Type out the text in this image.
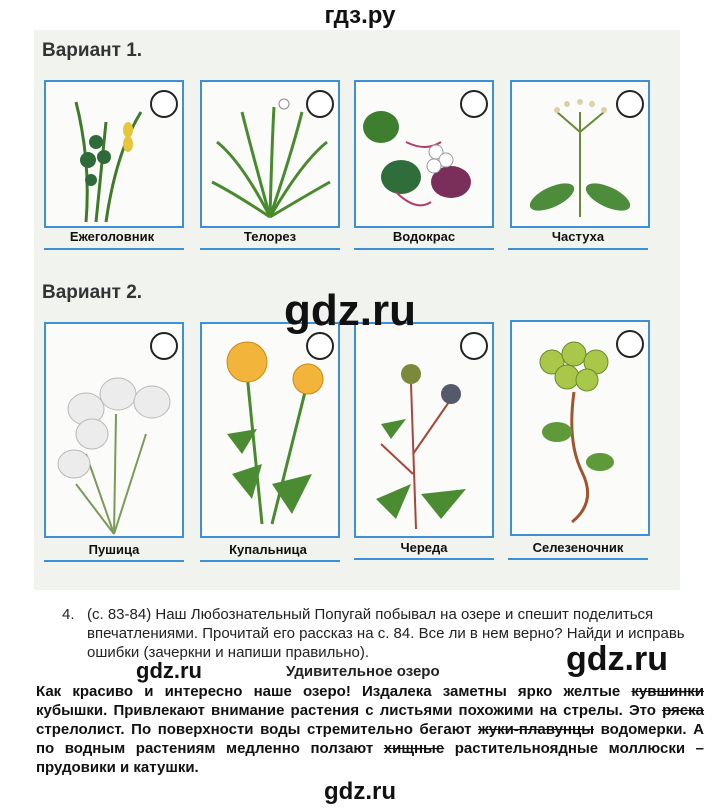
гдз.ру
Вариант 1.
Ежеголовник	Телорез	Водокрас	Частуха
Вариант 2.
Пушица	Купальница	Череда	Селезеночник
gdz.ru
4. (с. 83-84) Наш Любознательный Попугай побывал на озере и спешит поделиться впечатлениями. Прочитай его рассказ на с. 84. Все ли в нем верно? Найди и исправь ошибки (зачеркни и напиши правильно).
gdz.ru	gdz.ru
Удивительное озеро
Как красиво и интересно наше озеро! Издалека заметны ярко желтые кувшинки кубышки. Привлекают внимание растения с листьями похожими на стрелы. Это ряска стрелолист. По поверхности воды стремительно бегают жуки-плавунцы водомерки. А по водным растениям медленно ползают хищные растительноядные моллюски – прудовики и катушки.
gdz.ru
